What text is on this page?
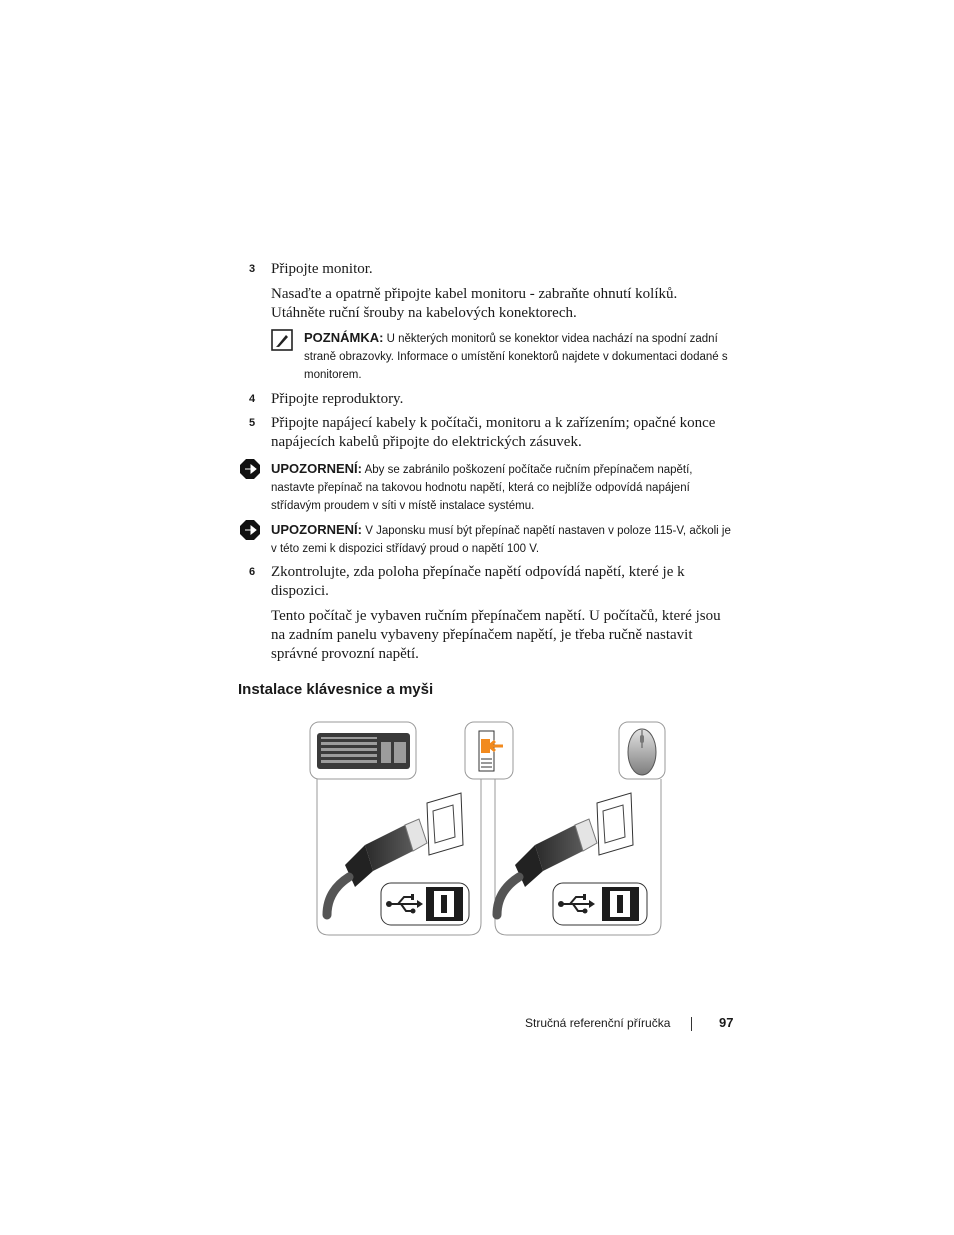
3 Připojte monitor.
Nasaďte a opatrně připojte kabel monitoru - zabraňte ohnutí kolíků. Utáhněte ruční šrouby na kabelových konektorech.
POZNÁMKA: U některých monitorů se konektor videa nachází na spodní zadní straně obrazovky. Informace o umístění konektorů najdete v dokumentaci dodané s monitorem.
4 Připojte reproduktory.
5 Připojte napájecí kabely k počítači, monitoru a k zařízením; opačné konce napájecích kabelů připojte do elektrických zásuvek.
UPOZORNENÍ: Aby se zabránilo poškození počítače ručním přepínačem napětí, nastavte přepínač na takovou hodnotu napětí, která co nejblíže odpovídá napájení střídavým proudem v síti v místě instalace systému.
UPOZORNENÍ: V Japonsku musí být přepínač napětí nastaven v poloze 115-V, ačkoli je v této zemi k dispozici střídavý proud o napětí 100 V.
6 Zkontrolujte, zda poloha přepínače napětí odpovídá napětí, které je k dispozici.
Tento počítač je vybaven ručním přepínačem napětí. U počítačů, které jsou na zadním panelu vybaveny přepínačem napětí, je třeba ručně nastavit správné provozní napětí.
Instalace klávesnice a myši
Stručná referenční příručka	97
